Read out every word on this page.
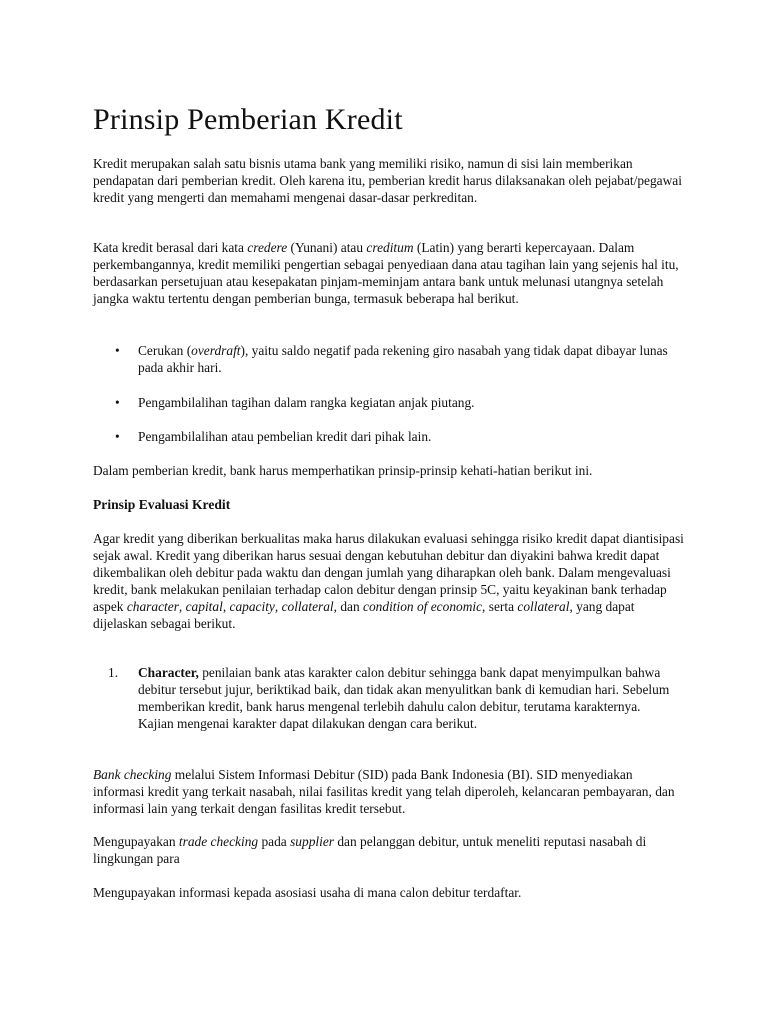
Prinsip Pemberian Kredit

Kredit merupakan salah satu bisnis utama bank yang memiliki risiko, namun di sisi lain memberikan pendapatan dari pemberian kredit. Oleh karena itu, pemberian kredit harus dilaksanakan oleh pejabat/pegawai kredit yang mengerti dan memahami mengenai dasar-dasar perkreditan.

Kata kredit berasal dari kata credere (Yunani) atau creditum (Latin) yang berarti kepercayaan. Dalam perkembangannya, kredit memiliki pengertian sebagai penyediaan dana atau tagihan lain yang sejenis hal itu, berdasarkan persetujuan atau kesepakatan pinjam-meminjam antara bank untuk melunasi utangnya setelah jangka waktu tertentu dengan pemberian bunga, termasuk beberapa hal berikut.

• Cerukan (overdraft), yaitu saldo negatif pada rekening giro nasabah yang tidak dapat dibayar lunas pada akhir hari.
• Pengambilalihan tagihan dalam rangka kegiatan anjak piutang.
• Pengambilalihan atau pembelian kredit dari pihak lain.

Dalam pemberian kredit, bank harus memperhatikan prinsip-prinsip kehati-hatian berikut ini.

Prinsip Evaluasi Kredit

Agar kredit yang diberikan berkualitas maka harus dilakukan evaluasi sehingga risiko kredit dapat diantisipasi sejak awal. Kredit yang diberikan harus sesuai dengan kebutuhan debitur dan diyakini bahwa kredit dapat dikembalikan oleh debitur pada waktu dan dengan jumlah yang diharapkan oleh bank. Dalam mengevaluasi kredit, bank melakukan penilaian terhadap calon debitur dengan prinsip 5C, yaitu keyakinan bank terhadap aspek character, capital, capacity, collateral, dan condition of economic, serta collateral, yang dapat dijelaskan sebagai berikut.

1. Character, penilaian bank atas karakter calon debitur sehingga bank dapat menyimpulkan bahwa debitur tersebut jujur, beriktikad baik, dan tidak akan menyulitkan bank di kemudian hari. Sebelum memberikan kredit, bank harus mengenal terlebih dahulu calon debitur, terutama karakternya. Kajian mengenai karakter dapat dilakukan dengan cara berikut.

Bank checking melalui Sistem Informasi Debitur (SID) pada Bank Indonesia (BI). SID menyediakan informasi kredit yang terkait nasabah, nilai fasilitas kredit yang telah diperoleh, kelancaran pembayaran, dan informasi lain yang terkait dengan fasilitas kredit tersebut.

Mengupayakan trade checking pada supplier dan pelanggan debitur, untuk meneliti reputasi nasabah di lingkungan para

Mengupayakan informasi kepada asosiasi usaha di mana calon debitur terdaftar.
